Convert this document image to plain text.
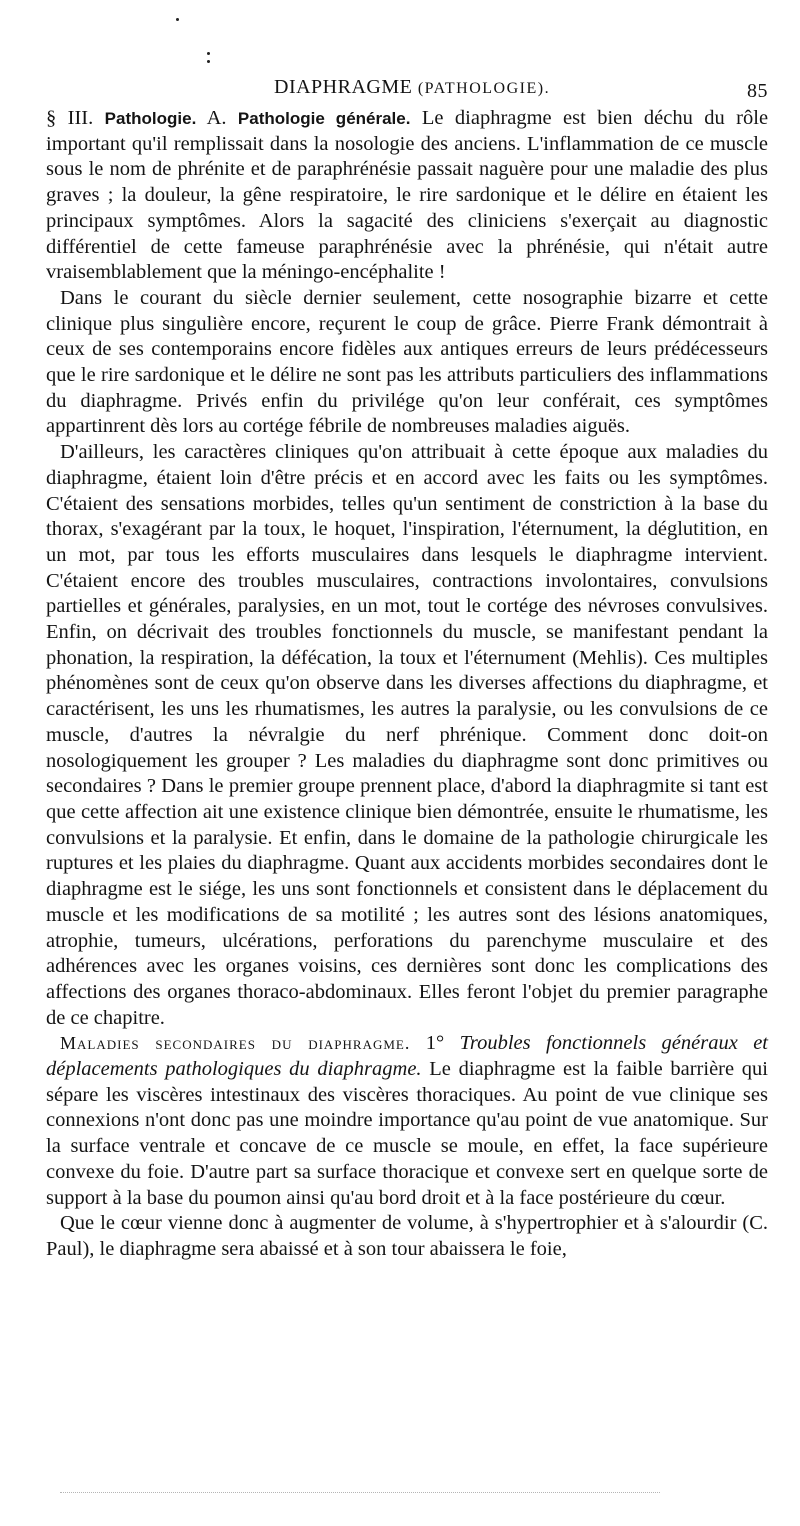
DIAPHRAGME (PATHOLOGIE).	85

§ III. Pathologie. A. Pathologie générale. Le diaphragme est bien déchu du rôle important qu'il remplissait dans la nosologie des anciens. L'inflammation de ce muscle sous le nom de phrénite et de paraphrénésie passait naguère pour une maladie des plus graves ; la douleur, la gêne respiratoire, le rire sardonique et le délire en étaient les principaux symptômes. Alors la sagacité des cliniciens s'exerçait au diagnostic différentiel de cette fameuse paraphrénésie avec la phrénésie, qui n'était autre vraisemblablement que la méningo-encéphalite !

Dans le courant du siècle dernier seulement, cette nosographie bizarre et cette clinique plus singulière encore, reçurent le coup de grâce. Pierre Frank démontrait à ceux de ses contemporains encore fidèles aux antiques erreurs de leurs prédécesseurs que le rire sardonique et le délire ne sont pas les attributs particuliers des inflammations du diaphragme. Privés enfin du privilége qu'on leur conférait, ces symptômes appartinrent dès lors au cortége fébrile de nombreuses maladies aiguës.

D'ailleurs, les caractères cliniques qu'on attribuait à cette époque aux maladies du diaphragme, étaient loin d'être précis et en accord avec les faits ou les symptômes. C'étaient des sensations morbides, telles qu'un sentiment de constriction à la base du thorax, s'exagérant par la toux, le hoquet, l'inspiration, l'éternument, la déglutition, en un mot, par tous les efforts musculaires dans lesquels le diaphragme intervient. C'étaient encore des troubles musculaires, contractions involontaires, convulsions partielles et générales, paralysies, en un mot, tout le cortége des névroses convulsives. Enfin, on décrivait des troubles fonctionnels du muscle, se manifestant pendant la phonation, la respiration, la défécation, la toux et l'éternument (Mehlis). Ces multiples phénomènes sont de ceux qu'on observe dans les diverses affections du diaphragme, et caractérisent, les uns les rhumatismes, les autres la paralysie, ou les convulsions de ce muscle, d'autres la névralgie du nerf phrénique. Comment donc doit-on nosologiquement les grouper ? Les maladies du diaphragme sont donc primitives ou secondaires ? Dans le premier groupe prennent place, d'abord la diaphragmite si tant est que cette affection ait une existence clinique bien démontrée, ensuite le rhumatisme, les convulsions et la paralysie. Et enfin, dans le domaine de la pathologie chirurgicale les ruptures et les plaies du diaphragme. Quant aux accidents morbides secondaires dont le diaphragme est le siége, les uns sont fonctionnels et consistent dans le déplacement du muscle et les modifications de sa motilité ; les autres sont des lésions anatomiques, atrophie, tumeurs, ulcérations, perforations du parenchyme musculaire et des adhérences avec les organes voisins, ces dernières sont donc les complications des affections des organes thoraco-abdominaux. Elles feront l'objet du premier paragraphe de ce chapitre.

Maladies secondaires du diaphragme. 1° Troubles fonctionnels généraux et déplacements pathologiques du diaphragme. Le diaphragme est la faible barrière qui sépare les viscères intestinaux des viscères thoraciques. Au point de vue clinique ses connexions n'ont donc pas une moindre importance qu'au point de vue anatomique. Sur la surface ventrale et concave de ce muscle se moule, en effet, la face supérieure convexe du foie. D'autre part sa surface thoracique et convexe sert en quelque sorte de support à la base du poumon ainsi qu'au bord droit et à la face postérieure du cœur.

Que le cœur vienne donc à augmenter de volume, à s'hypertrophier et à s'alourdir (C. Paul), le diaphragme sera abaissé et à son tour abaissera le foie,
